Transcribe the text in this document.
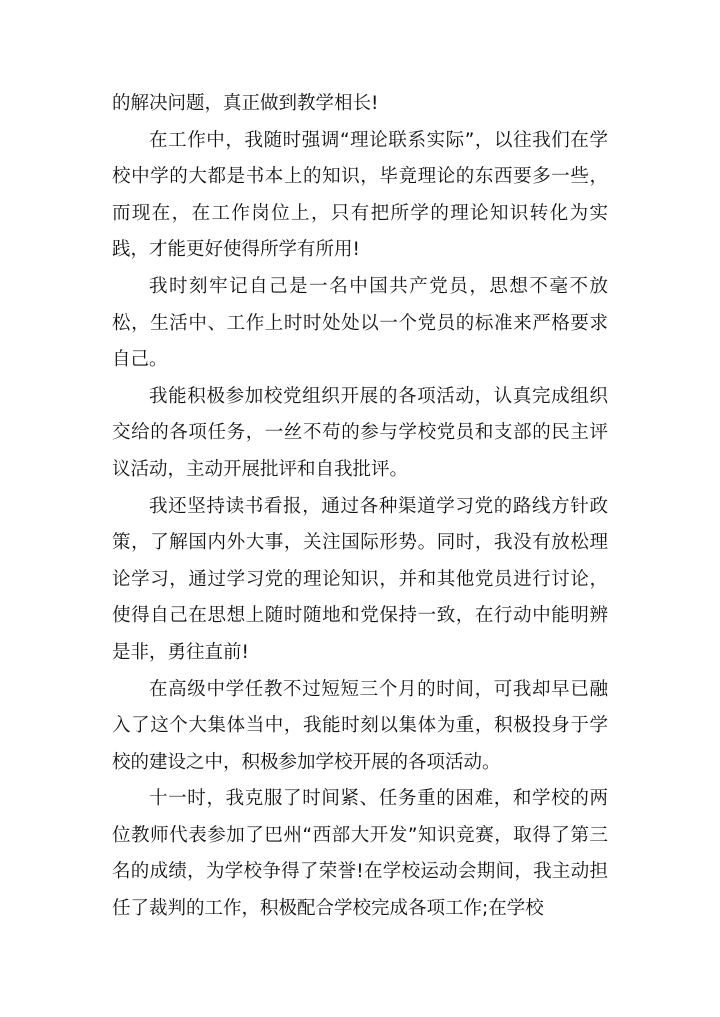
的解决问题，真正做到教学相长!

在工作中，我随时强调“理论联系实际”，以往我们在学校中学的大都是书本上的知识，毕竟理论的东西要多一些，而现在，在工作岗位上，只有把所学的理论知识转化为实践，才能更好使得所学有所用!

我时刻牢记自己是一名中国共产党员，思想不毫不放松，生活中、工作上时时处处以一个党员的标准来严格要求自己。

我能积极参加校党组织开展的各项活动，认真完成组织交给的各项任务，一丝不苟的参与学校党员和支部的民主评议活动，主动开展批评和自我批评。

我还坚持读书看报，通过各种渠道学习党的路线方针政策，了解国内外大事，关注国际形势。同时，我没有放松理论学习，通过学习党的理论知识，并和其他党员进行讨论，使得自己在思想上随时随地和党保持一致，在行动中能明辨是非，勇往直前!

在高级中学任教不过短短三个月的时间，可我却早已融入了这个大集体当中，我能时刻以集体为重，积极投身于学校的建设之中，积极参加学校开展的各项活动。

十一时，我克服了时间紧、任务重的困难，和学校的两位教师代表参加了巴州“西部大开发”知识竞赛，取得了第三名的成绩，为学校争得了荣誉!在学校运动会期间，我主动担任了裁判的工作，积极配合学校完成各项工作;在学校
